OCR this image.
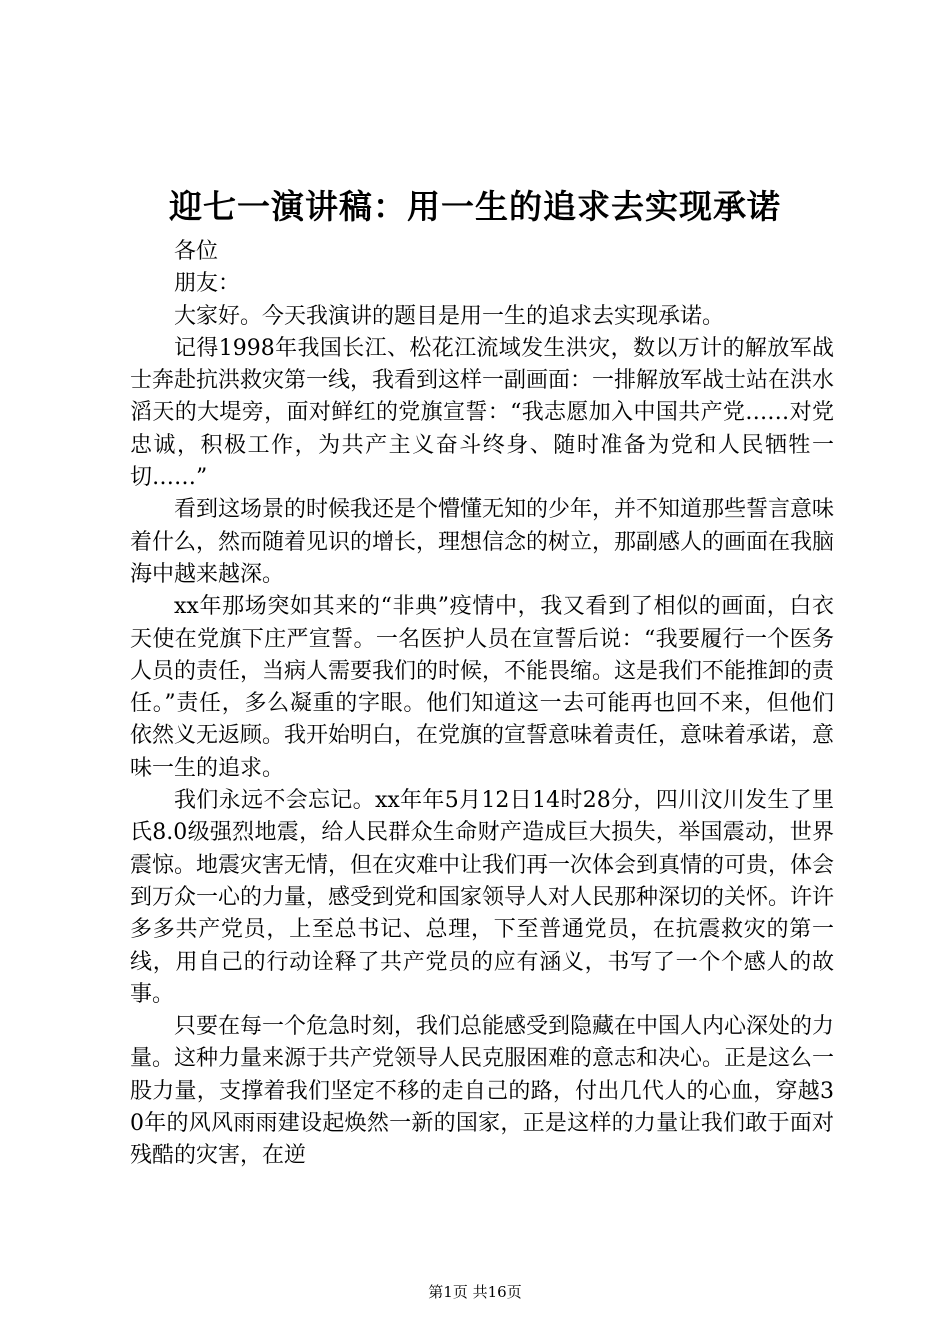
迎七一演讲稿：用一生的追求去实现承诺

各位

朋友：

大家好。今天我演讲的题目是用一生的追求去实现承诺。

记得1998年我国长江、松花江流域发生洪灾，数以万计的解放军战士奔赴抗洪救灾第一线，我看到这样一副画面：一排解放军战士站在洪水滔天的大堤旁，面对鲜红的党旗宣誓：“我志愿加入中国共产党……对党忠诚，积极工作，为共产主义奋斗终身、随时准备为党和人民牺牲一切……”

看到这场景的时候我还是个懵懂无知的少年，并不知道那些誓言意味着什么，然而随着见识的增长，理想信念的树立，那副感人的画面在我脑海中越来越深。

xx年那场突如其来的“非典”疫情中，我又看到了相似的画面，白衣天使在党旗下庄严宣誓。一名医护人员在宣誓后说：“我要履行一个医务人员的责任，当病人需要我们的时候，不能畏缩。这是我们不能推卸的责任。”责任，多么凝重的字眼。他们知道这一去可能再也回不来，但他们依然义无返顾。我开始明白，在党旗的宣誓意味着责任，意味着承诺，意味一生的追求。

我们永远不会忘记。xx年年5月12日14时28分，四川汶川发生了里氏8.0级强烈地震，给人民群众生命财产造成巨大损失，举国震动，世界震惊。地震灾害无情，但在灾难中让我们再一次体会到真情的可贵，体会到万众一心的力量，感受到党和国家领导人对人民那种深切的关怀。许许多多共产党员，上至总书记、总理，下至普通党员，在抗震救灾的第一线，用自己的行动诠释了共产党员的应有涵义，书写了一个个感人的故事。

只要在每一个危急时刻，我们总能感受到隐藏在中国人内心深处的力量。这种力量来源于共产党领导人民克服困难的意志和决心。正是这么一股力量，支撑着我们坚定不移的走自己的路，付出几代人的心血，穿越30年的风风雨雨建设起焕然一新的国家，正是这样的力量让我们敢于面对残酷的灾害，在逆

第1页 共16页
